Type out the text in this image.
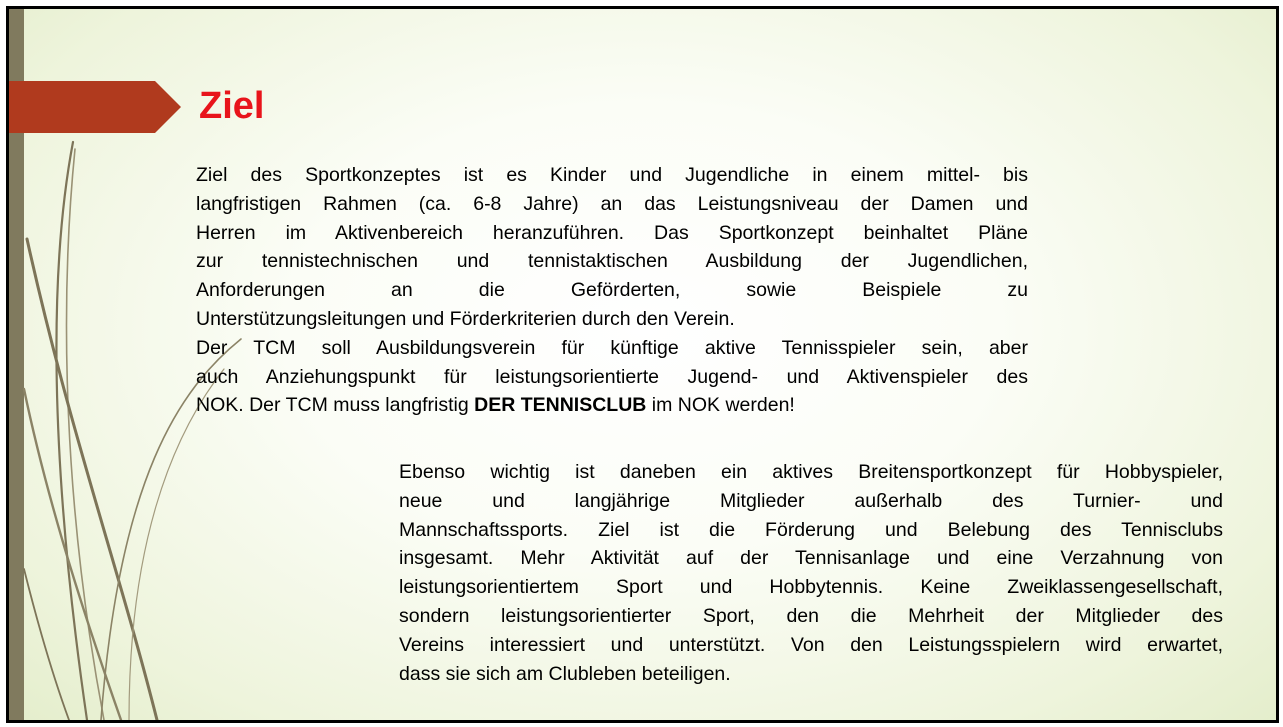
Ziel
Ziel des Sportkonzeptes ist es Kinder und Jugendliche in einem mittel- bis
langfristigen Rahmen (ca. 6-8 Jahre) an das Leistungsniveau der Damen und
Herren im Aktivenbereich heranzuführen. Das Sportkonzept beinhaltet Pläne
zur tennistechnischen und tennistaktischen Ausbildung der Jugendlichen,
Anforderungen an die Geförderten, sowie Beispiele zu
Unterstützungsleitungen und Förderkriterien durch den Verein.
Der TCM soll Ausbildungsverein für künftige aktive Tennisspieler sein, aber
auch Anziehungspunkt für leistungsorientierte Jugend- und Aktivenspieler des
NOK. Der TCM muss langfristig DER TENNISCLUB im NOK werden!
Ebenso wichtig ist daneben ein aktives Breitensportkonzept für Hobbyspieler,
neue und langjährige Mitglieder außerhalb des Turnier- und
Mannschaftssports. Ziel ist die Förderung und Belebung des Tennisclubs
insgesamt. Mehr Aktivität auf der Tennisanlage und eine Verzahnung von
leistungsorientiertem Sport und Hobbytennis. Keine Zweiklassengesellschaft,
sondern leistungsorientierter Sport, den die Mehrheit der Mitglieder des
Vereins interessiert und unterstützt. Von den Leistungsspielern wird erwartet,
dass sie sich am Clubleben beteiligen.
